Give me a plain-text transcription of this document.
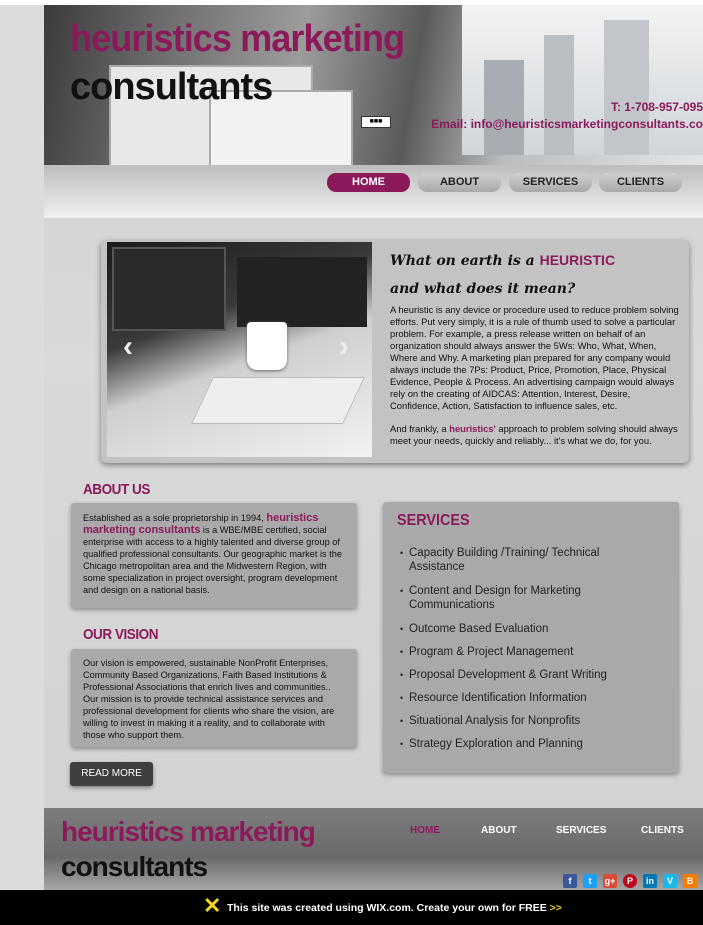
heuristics marketing
consultants
■■■
T: 1-708-957-095
Email: info@heuristicsmarketingconsultants.co
HOME	ABOUT	SERVICES	CLIENTS
‹	›
What on earth is a HEURISTIC
and what does it mean?
A heuristic is any device or procedure used to reduce problem solving efforts. Put very simply, it is a rule of thumb used to solve a particular problem. For example, a press release written on behalf of an organization should always answer the 5Ws: Who, What, When, Where and Why. A marketing plan prepared for any company would always include the 7Ps: Product, Price, Promotion, Place, Physical Evidence, People & Process. An advertising campaign would always rely on the creating of AIDCAS: Attention, Interest, Desire, Confidence, Action, Satisfaction to influence sales, etc.
And frankly, a heuristics' approach to problem solving should always meet your needs, quickly and reliably... it's what we do, for you.
ABOUT US
Established as a sole proprietorship in 1994, heuristics marketing consultants is a WBE/MBE certified, social enterprise with access to a highly talented and diverse group of qualified professional consultants. Our geographic market is the Chicago metropolitan area and the Midwestern Region, with some specialization in project oversight, program development and design on a national basis.
OUR VISION
Our vision is empowered, sustainable NonProfit Enterprises, Community Based Organizations, Faith Based Institutions & Professional Associations that enrich lives and communities.. Our mission is to provide technical assistance services and professional development for clients who share the vision, are willing to invest in making it a reality, and to collaborate with those who support them.
READ MORE
SERVICES
• Capacity Building /Training/ Technical Assistance
• Content and Design for Marketing Communications
• Outcome Based Evaluation
• Program & Project Management
• Proposal Development & Grant Writing
• Resource Identification Information
• Situational Analysis for Nonprofits
• Strategy Exploration and Planning
heuristics marketing
consultants
HOME	ABOUT	SERVICES	CLIENTS
f	t	g+	P	in	V	B
✕ This site was created using WIX.com. Create your own for FREE >>
